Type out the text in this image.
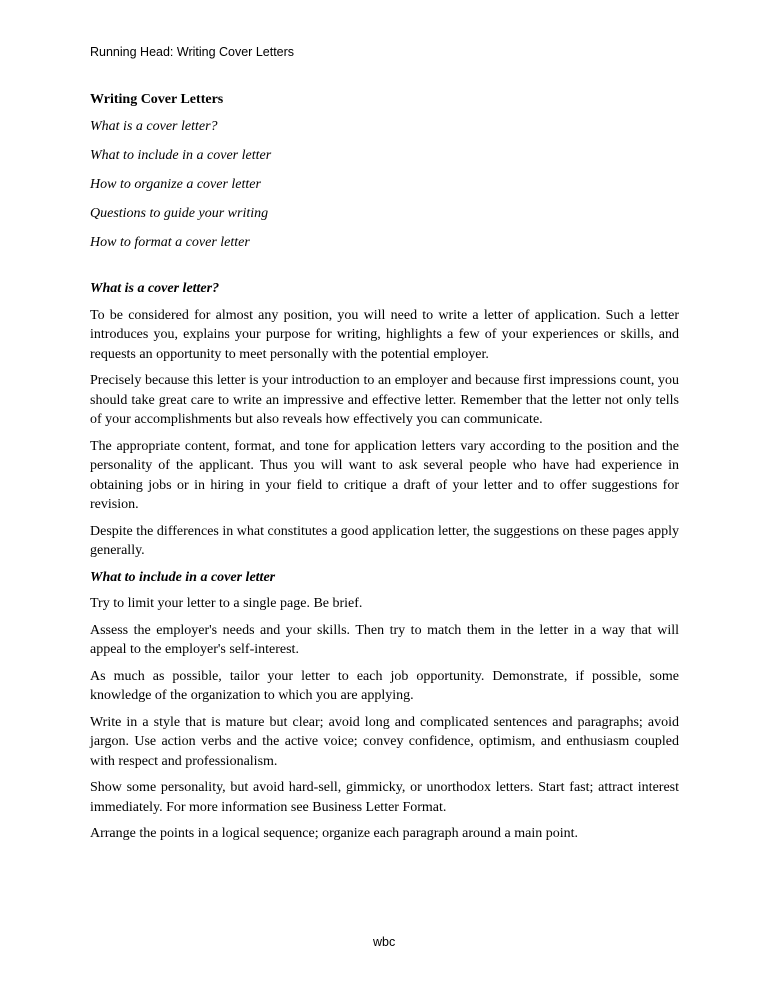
Running Head: Writing Cover Letters
Writing Cover Letters
What is a cover letter?
What to include in a cover letter
How to organize a cover letter
Questions to guide your writing
How to format a cover letter
What is a cover letter?

To be considered for almost any position, you will need to write a letter of application. Such a letter introduces you, explains your purpose for writing, highlights a few of your experiences or skills, and requests an opportunity to meet personally with the potential employer.

Precisely because this letter is your introduction to an employer and because first impressions count, you should take great care to write an impressive and effective letter. Remember that the letter not only tells of your accomplishments but also reveals how effectively you can communicate.

The appropriate content, format, and tone for application letters vary according to the position and the personality of the applicant. Thus you will want to ask several people who have had experience in obtaining jobs or in hiring in your field to critique a draft of your letter and to offer suggestions for revision.

Despite the differences in what constitutes a good application letter, the suggestions on these pages apply generally.

What to include in a cover letter

Try to limit your letter to a single page. Be brief.

Assess the employer's needs and your skills. Then try to match them in the letter in a way that will appeal to the employer's self-interest.

As much as possible, tailor your letter to each job opportunity. Demonstrate, if possible, some knowledge of the organization to which you are applying.

Write in a style that is mature but clear; avoid long and complicated sentences and paragraphs; avoid jargon. Use action verbs and the active voice; convey confidence, optimism, and enthusiasm coupled with respect and professionalism.

Show some personality, but avoid hard-sell, gimmicky, or unorthodox letters. Start fast; attract interest immediately. For more information see Business Letter Format.

Arrange the points in a logical sequence; organize each paragraph around a main point.

wbc
